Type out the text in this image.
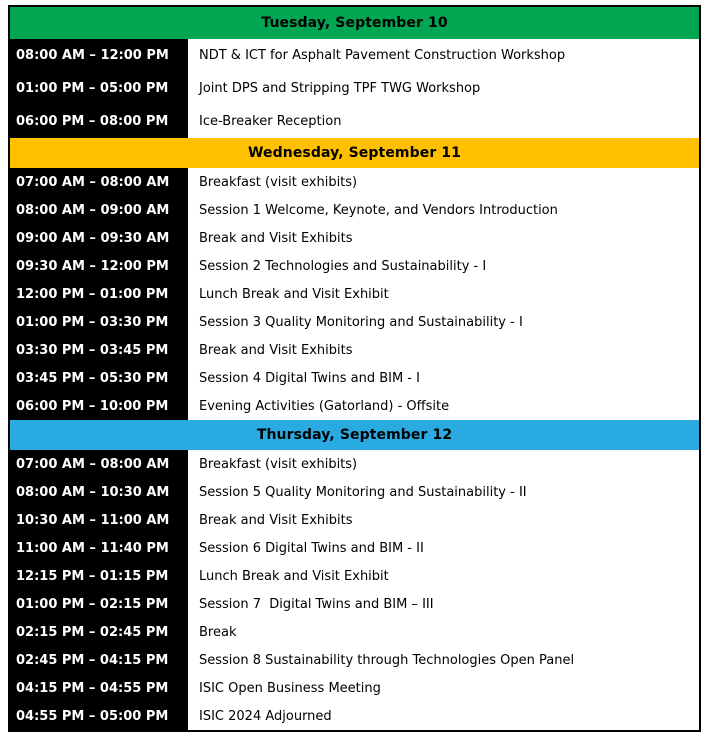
Tuesday, September 10
08:00 AM – 12:00 PM	NDT & ICT for Asphalt Pavement Construction Workshop
01:00 PM – 05:00 PM	Joint DPS and Stripping TPF TWG Workshop
06:00 PM – 08:00 PM	Ice-Breaker Reception
Wednesday, September 11
07:00 AM – 08:00 AM	Breakfast (visit exhibits)
08:00 AM – 09:00 AM	Session 1 Welcome, Keynote, and Vendors Introduction
09:00 AM – 09:30 AM	Break and Visit Exhibits
09:30 AM – 12:00 PM	Session 2 Technologies and Sustainability - I
12:00 PM – 01:00 PM	Lunch Break and Visit Exhibit
01:00 PM – 03:30 PM	Session 3 Quality Monitoring and Sustainability - I
03:30 PM – 03:45 PM	Break and Visit Exhibits
03:45 PM – 05:30 PM	Session 4 Digital Twins and BIM - I
06:00 PM – 10:00 PM	Evening Activities (Gatorland) - Offsite
Thursday, September 12
07:00 AM – 08:00 AM	Breakfast (visit exhibits)
08:00 AM – 10:30 AM	Session 5 Quality Monitoring and Sustainability - II
10:30 AM – 11:00 AM	Break and Visit Exhibits
11:00 AM – 11:40 PM	Session 6 Digital Twins and BIM - II
12:15 PM – 01:15 PM	Lunch Break and Visit Exhibit
01:00 PM – 02:15 PM	Session 7  Digital Twins and BIM – III
02:15 PM – 02:45 PM	Break
02:45 PM – 04:15 PM	Session 8 Sustainability through Technologies Open Panel
04:15 PM – 04:55 PM	ISIC Open Business Meeting
04:55 PM – 05:00 PM	ISIC 2024 Adjourned
